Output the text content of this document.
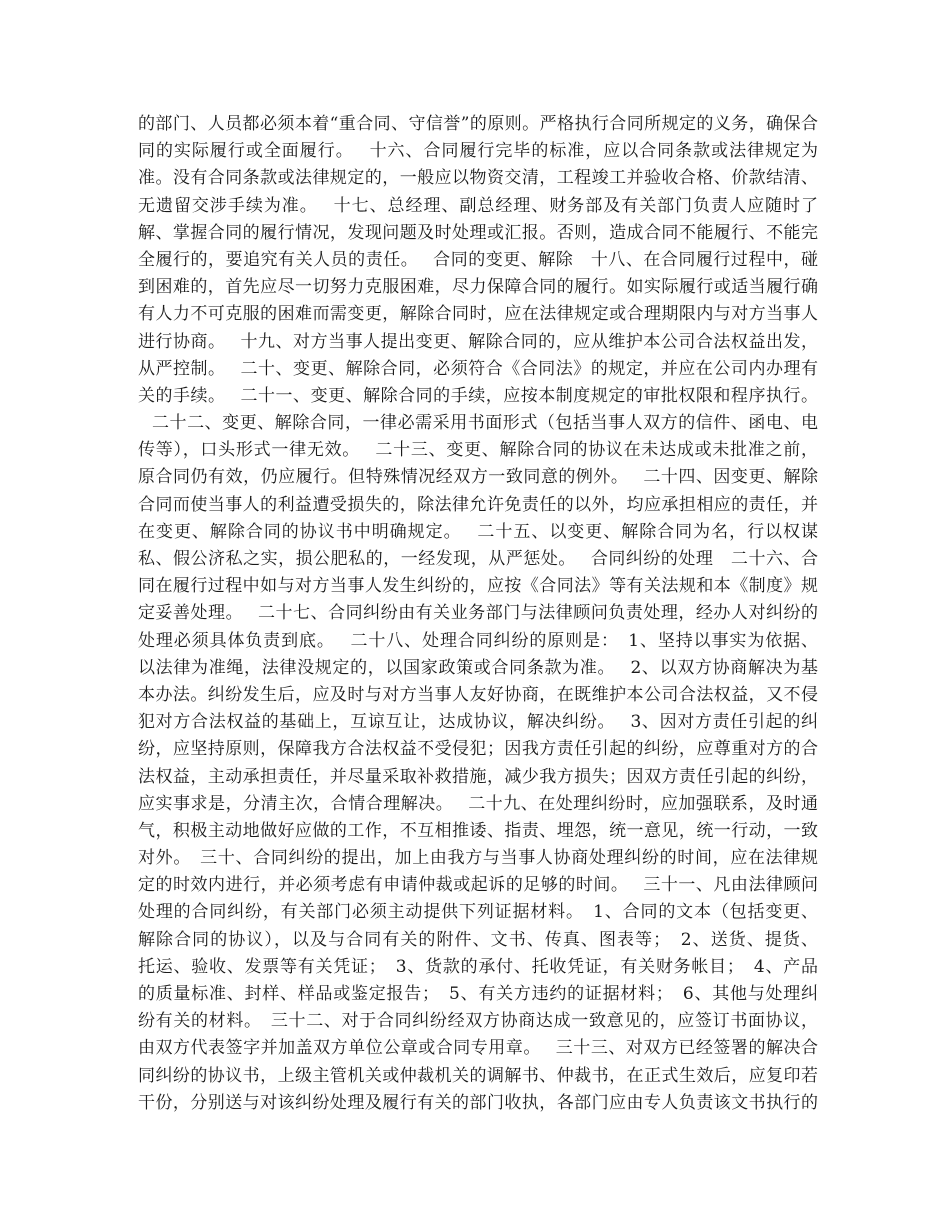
的部门、人员都必须本着“重合同、守信誉”的原则。严格执行合同所规定的义务，确保合
同的实际履行或全面履行。　 十六、合同履行完毕的标准，应以合同条款或法律规定为
准。没有合同条款或法律规定的，一般应以物资交清，工程竣工并验收合格、价款结清、
无遗留交涉手续为准。　 十七、总经理、副总经理、财务部及有关部门负责人应随时了
解、掌握合同的履行情况，发现问题及时处理或汇报。否则，造成合同不能履行、不能完
全履行的，要追究有关人员的责任。　 合同的变更、解除　十八、在合同履行过程中，碰
到困难的，首先应尽一切努力克服困难，尽力保障合同的履行。如实际履行或适当履行确
有人力不可克服的困难而需变更，解除合同时，应在法律规定或合理期限内与对方当事人
进行协商。　 十九、对方当事人提出变更、解除合同的，应从维护本公司合法权益出发，
从严控制。　 二十、变更、解除合同，必须符合《合同法》的规定，并应在公司内办理有
关的手续。　 二十一、变更、解除合同的手续，应按本制度规定的审批权限和程序执行。
二十二、变更、解除合同，一律必需采用书面形式（包括当事人双方的信件、函电、电
传等），口头形式一律无效。　 二十三、变更、解除合同的协议在未达成或未批准之前，
原合同仍有效，仍应履行。但特殊情况经双方一致同意的例外。　 二十四、因变更、解除
合同而使当事人的利益遭受损失的，除法律允许免责任的以外，均应承担相应的责任，并
在变更、解除合同的协议书中明确规定。　 二十五、以变更、解除合同为名，行以权谋
私、假公济私之实，损公肥私的，一经发现，从严惩处。　 合同纠纷的处理　二十六、合
同在履行过程中如与对方当事人发生纠纷的，应按《合同法》等有关法规和本《制度》规
定妥善处理。　 二十七、合同纠纷由有关业务部门与法律顾问负责处理，经办人对纠纷的
处理必须具体负责到底。　 二十八、处理合同纠纷的原则是：　1、坚持以事实为依据、
以法律为准绳，法律没规定的，以国家政策或合同条款为准。　 2、以双方协商解决为基
本办法。纠纷发生后，应及时与对方当事人友好协商，在既维护本公司合法权益，又不侵
犯对方合法权益的基础上，互谅互让，达成协议，解决纠纷。　 3、因对方责任引起的纠
纷，应坚持原则，保障我方合法权益不受侵犯；因我方责任引起的纠纷，应尊重对方的合
法权益，主动承担责任，并尽量采取补救措施，减少我方损失；因双方责任引起的纠纷，
应实事求是，分清主次，合情合理解决。　 二十九、在处理纠纷时，应加强联系，及时通
气，积极主动地做好应做的工作，不互相推诿、指责、埋怨，统一意见，统一行动，一致
对外。　三十、合同纠纷的提出，加上由我方与当事人协商处理纠纷的时间，应在法律规
定的时效内进行，并必须考虑有申请仲裁或起诉的足够的时间。　 三十一、凡由法律顾问
处理的合同纠纷，有关部门必须主动提供下列证据材料。　1、合同的文本（包括变更、
解除合同的协议），以及与合同有关的附件、文书、传真、图表等；　2、送货、提货、
托运、验收、发票等有关凭证；　3、货款的承付、托收凭证，有关财务帐目；　4、产品
的质量标准、封样、样品或鉴定报告；　5、有关方违约的证据材料；　6、其他与处理纠
纷有关的材料。　三十二、对于合同纠纷经双方协商达成一致意见的，应签订书面协议，
由双方代表签字并加盖双方单位公章或合同专用章。　 三十三、对双方已经签署的解决合
同纠纷的协议书，上级主管机关或仲裁机关的调解书、仲裁书，在正式生效后，应复印若
干份，分别送与对该纠纷处理及履行有关的部门收执，各部门应由专人负责该文书执行的
